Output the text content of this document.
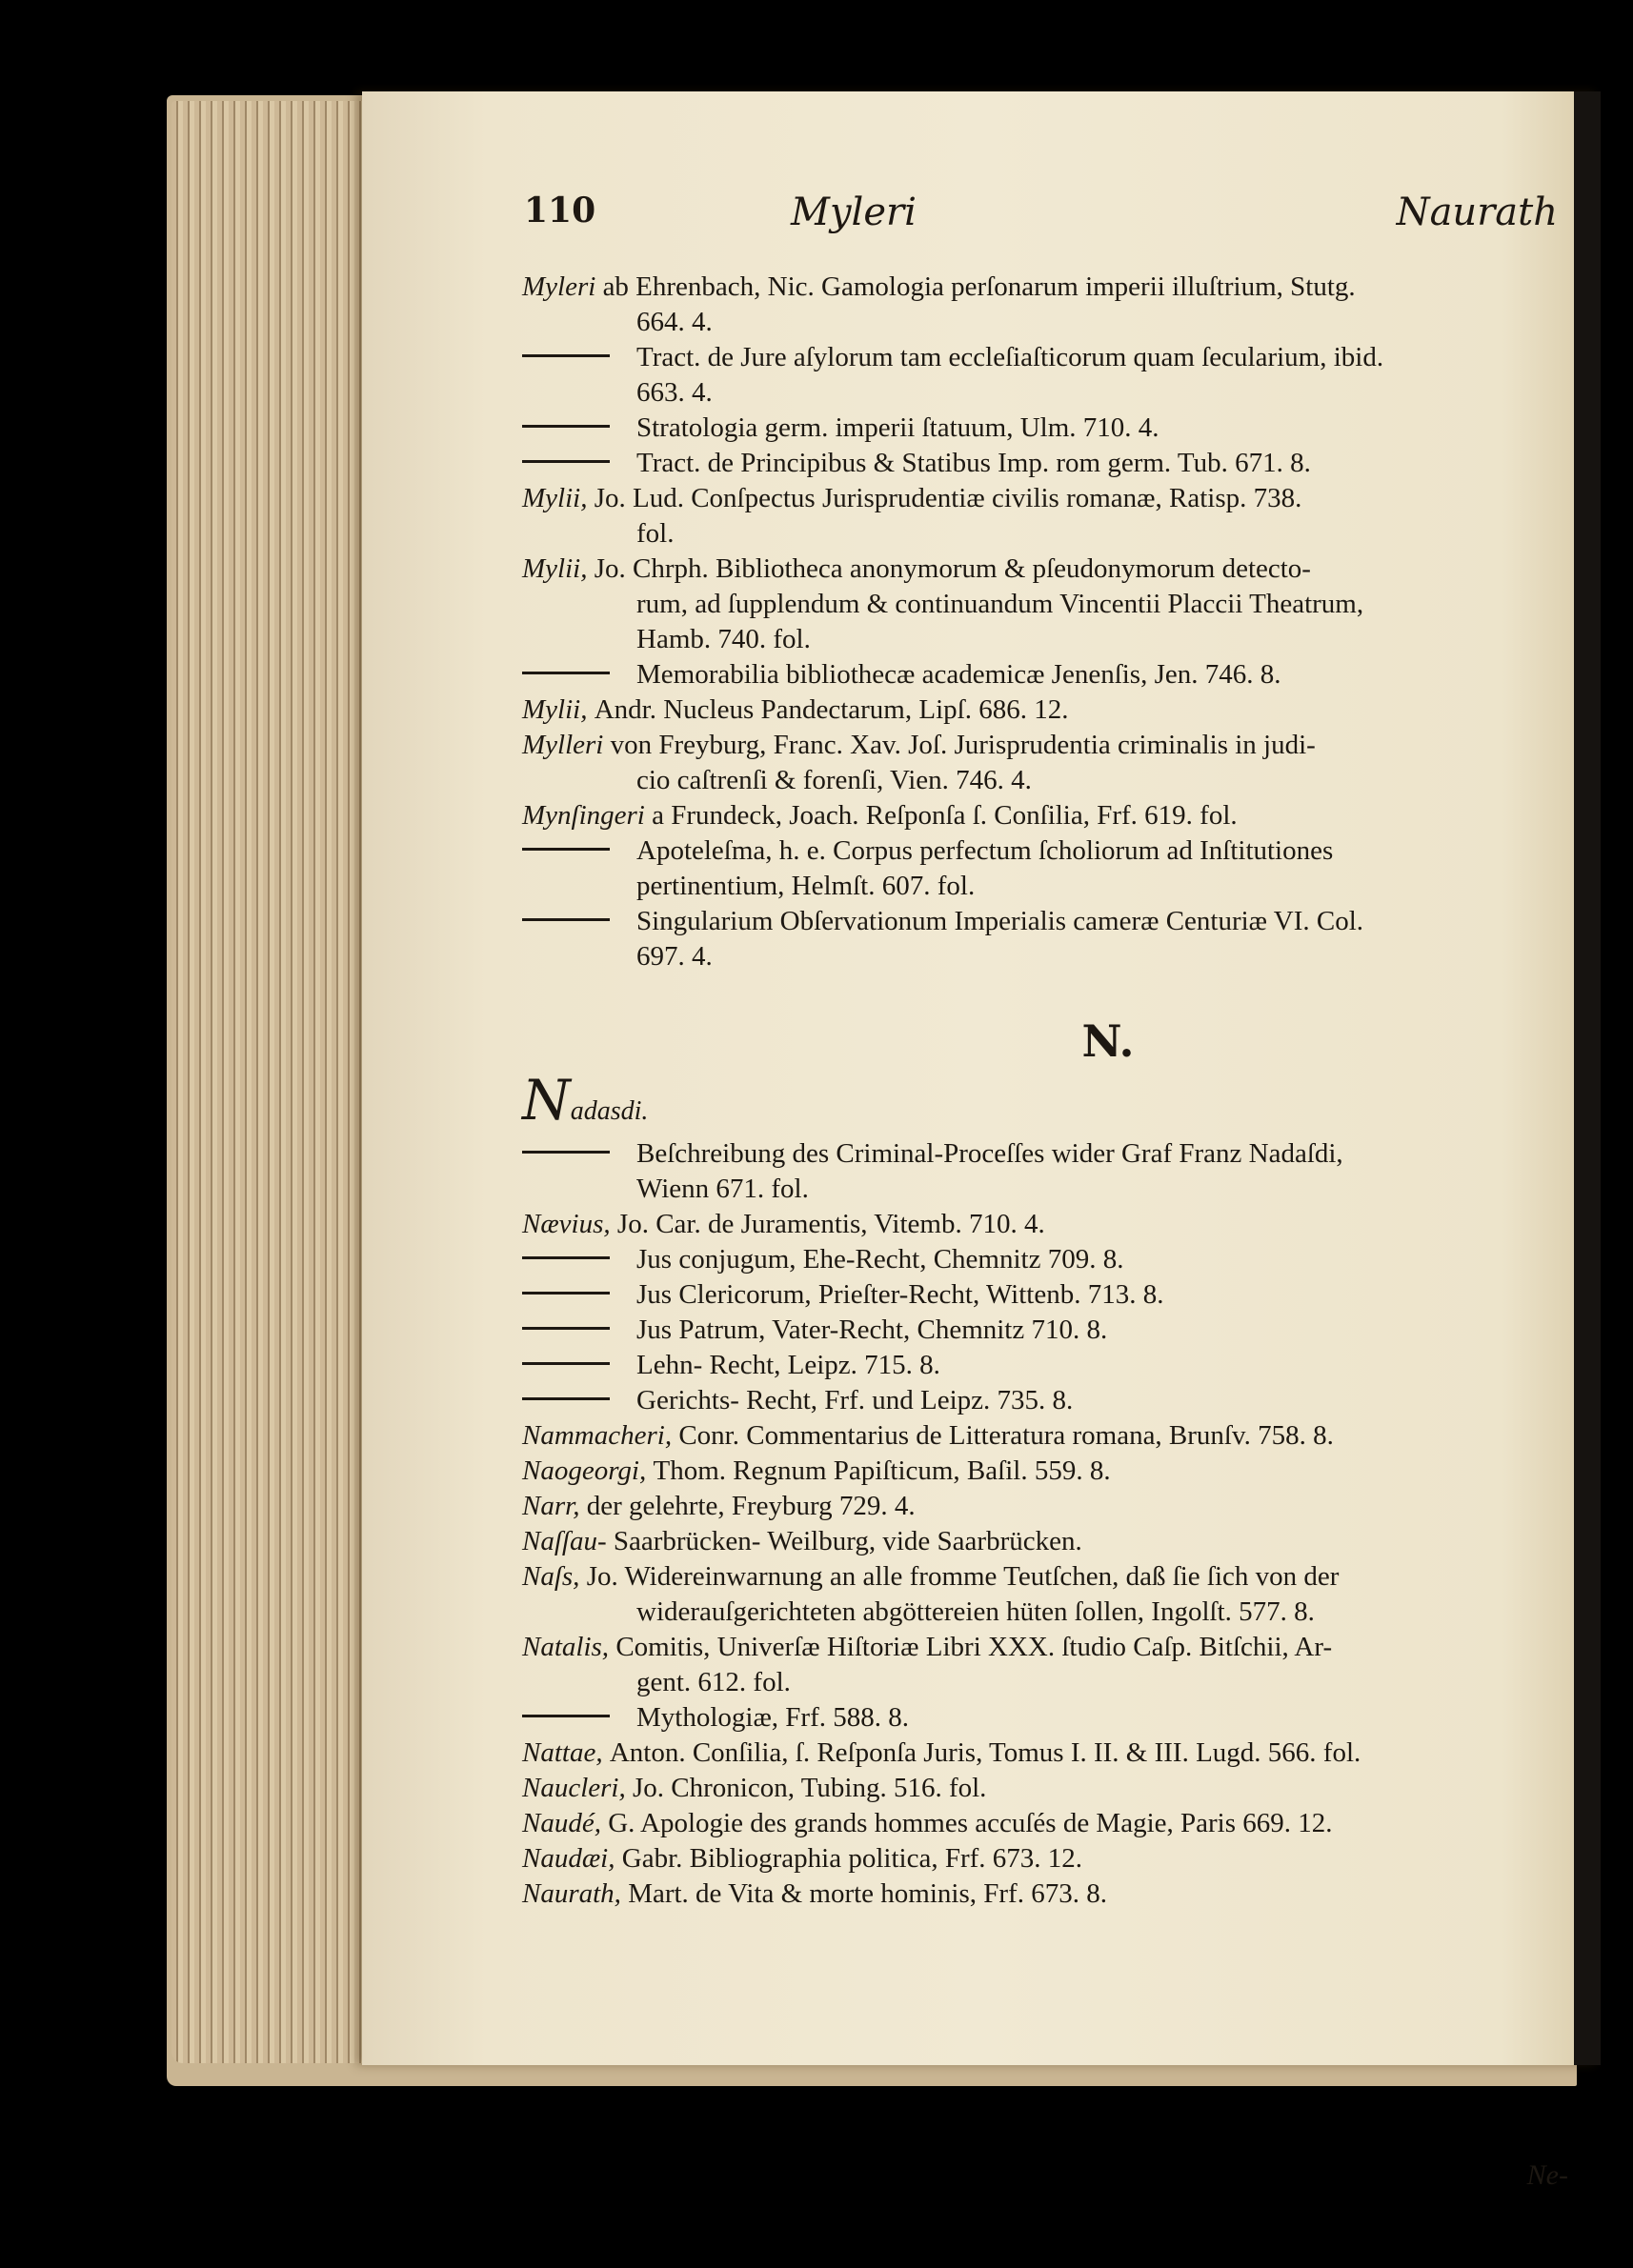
110	Myleri	Naurath
Myleri ab Ehrenbach, Nic. Gamologia perſonarum imperii illuſtrium, Stutg.
664. 4.
Tract. de Jure aſylorum tam eccleſiaſticorum quam ſecularium, ibid.
663. 4.
Stratologia germ. imperii ſtatuum, Ulm. 710. 4.
Tract. de Principibus & Statibus Imp. rom germ. Tub. 671. 8.
Mylii, Jo. Lud. Conſpectus Jurisprudentiæ civilis romanæ, Ratisp. 738.
fol.
Mylii, Jo. Chrph. Bibliotheca anonymorum & pſeudonymorum detecto-
rum, ad ſupplendum & continuandum Vincentii Placcii Theatrum,
Hamb. 740. fol.
Memorabilia bibliothecæ academicæ Jenenſis, Jen. 746. 8.
Mylii, Andr. Nucleus Pandectarum, Lipſ. 686. 12.
Mylleri von Freyburg, Franc. Xav. Joſ. Jurisprudentia criminalis in judi-
cio caſtrenſi & forenſi, Vien. 746. 4.
Mynſingeri a Frundeck, Joach. Reſponſa ſ. Conſilia, Frf. 619. fol.
Apoteleſma, h. e. Corpus perfectum ſcholiorum ad Inſtitutiones
pertinentium, Helmſt. 607. fol.
Singularium Obſervationum Imperialis cameræ Centuriæ VI. Col.
697. 4.
N.
Nadasdi.
Beſchreibung des Criminal-Proceſſes wider Graf Franz Nadaſdi,
Wienn 671. fol.
Nævius, Jo. Car. de Juramentis, Vitemb. 710. 4.
Jus conjugum, Ehe-Recht, Chemnitz 709. 8.
Jus Clericorum, Prieſter-Recht, Wittenb. 713. 8.
Jus Patrum, Vater-Recht, Chemnitz 710. 8.
Lehn- Recht, Leipz. 715. 8.
Gerichts- Recht, Frf. und Leipz. 735. 8.
Nammacheri, Conr. Commentarius de Litteratura romana, Brunſv. 758. 8.
Naogeorgi, Thom. Regnum Papiſticum, Baſil. 559. 8.
Narr, der gelehrte, Freyburg 729. 4.
Naſſau- Saarbrücken- Weilburg, vide Saarbrücken.
Naſs, Jo. Widereinwarnung an alle fromme Teutſchen, daß ſie ſich von der
widerauſgerichteten abgöttereien hüten ſollen, Ingolſt. 577. 8.
Natalis, Comitis, Univerſæ Hiſtoriæ Libri XXX. ſtudio Caſp. Bitſchii, Ar-
gent. 612. fol.
Mythologiæ, Frf. 588. 8.
Nattae, Anton. Conſilia, ſ. Reſponſa Juris, Tomus I. II. & III. Lugd. 566. fol.
Naucleri, Jo. Chronicon, Tubing. 516. fol.
Naudé, G. Apologie des grands hommes accuſés de Magie, Paris 669. 12.
Naudæi, Gabr. Bibliographia politica, Frf. 673. 12.
Naurath, Mart. de Vita & morte hominis, Frf. 673. 8.
Ne-
